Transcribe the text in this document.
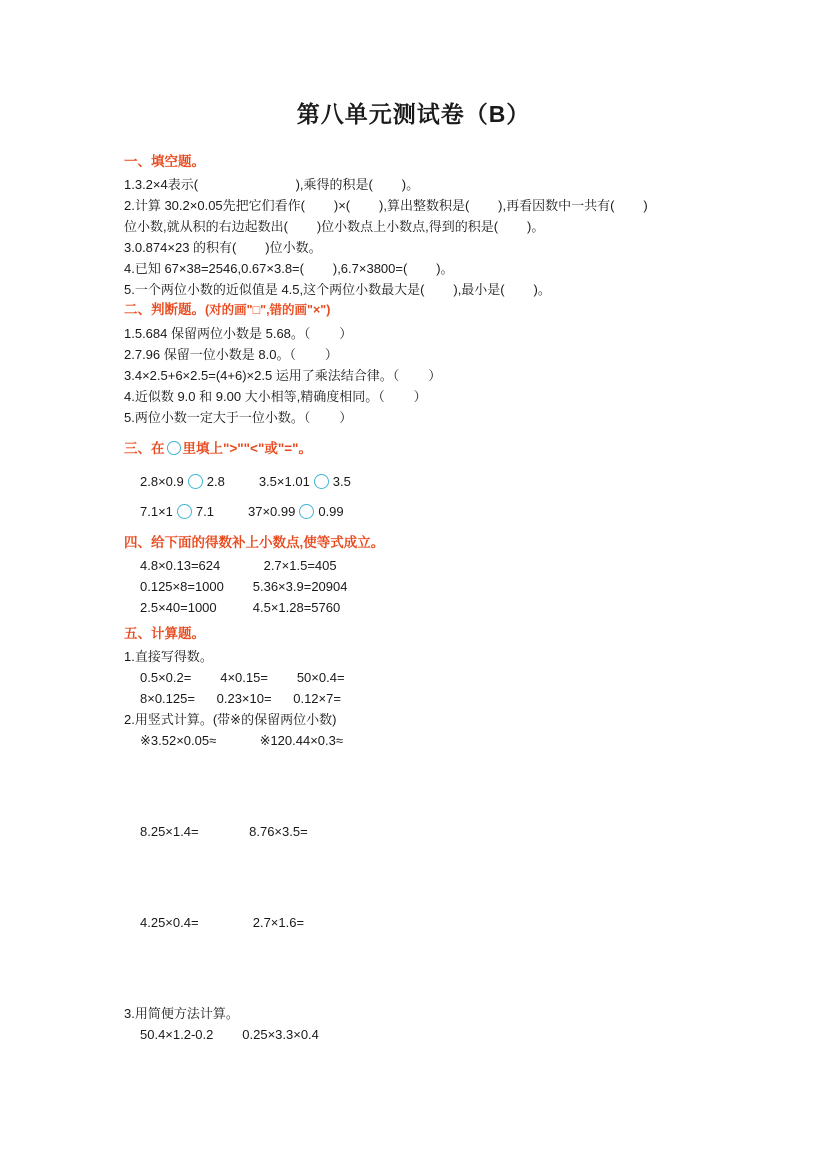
第八单元测试卷（B）
一、填空题。
1.3.2×4表示(                           ),乘得的积是(        )。
2.计算 30.2×0.05先把它们看作(        )×(        ),算出整数积是(        ),再看因数中一共有(        )
位小数,就从积的右边起数出(        )位小数点上小数点,得到的积是(        )。
3.0.874×23 的积有(        )位小数。
4.已知 67×38=2546,0.67×3.8=(        ),6.7×3800=(        )。
5.一个两位小数的近似值是 4.5,这个两位小数最大是(        ),最小是(        )。
二、判断题。(对的画"□",错的画"×")
1.5.684 保留两位小数是 5.68。（        ）
2.7.96 保留一位小数是 8.0。（        ）
3.4×2.5+6×2.5=(4+6)×2.5 运用了乘法结合律。（        ）
4.近似数 9.0 和 9.00 大小相等,精确度相同。（        ）
5.两位小数一定大于一位小数。（        ）
三、在 里填上">""<"或"="。
2.8×0.9 2.8	3.5×1.01 3.5
7.1×1 7.1	37×0.99 0.99
四、给下面的得数补上小数点,使等式成立。
4.8×0.13=624            2.7×1.5=405
0.125×8=1000        5.36×3.9=20904
2.5×40=1000          4.5×1.28=5760
五、计算题。
1.直接写得数。
0.5×0.2=        4×0.15=        50×0.4=
8×0.125=      0.23×10=      0.12×7=
2.用竖式计算。(带※的保留两位小数)
※3.52×0.05≈            ※120.44×0.3≈
8.25×1.4=              8.76×3.5=
4.25×0.4=               2.7×1.6=
3.用简便方法计算。
50.4×1.2-0.2        0.25×3.3×0.4
